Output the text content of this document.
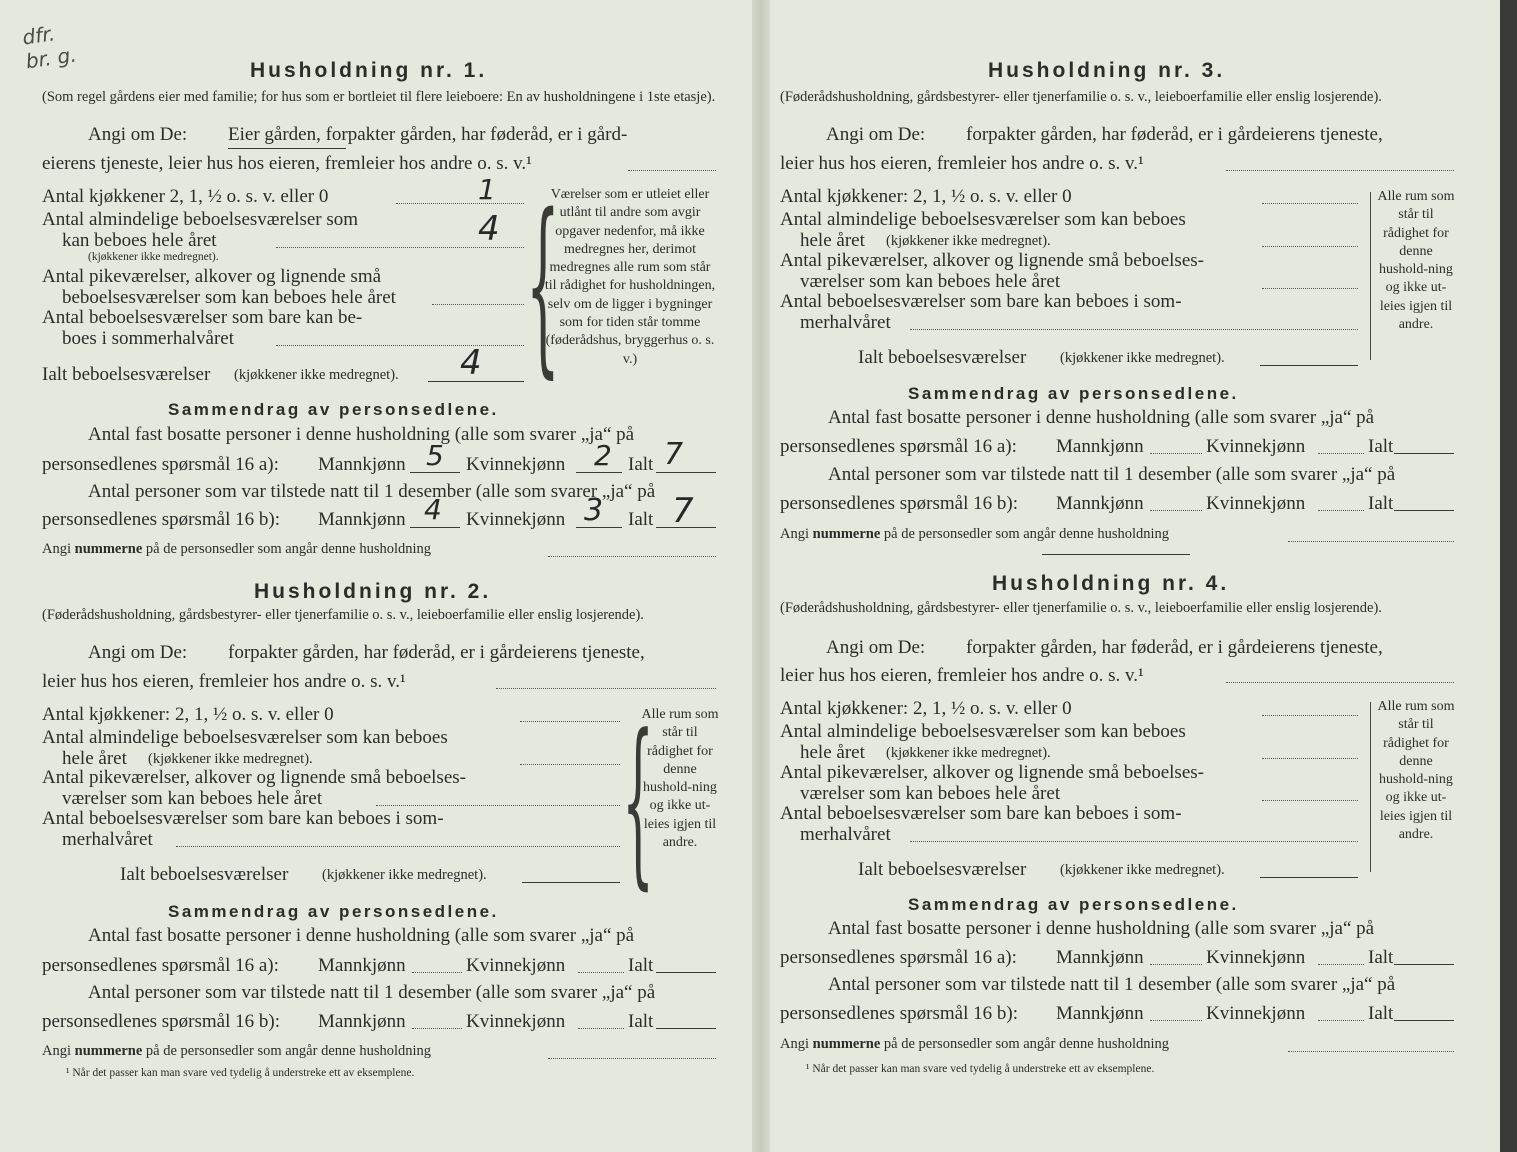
dfr.
br. g.	Husholdning nr. 1.
(Som regel gårdens eier med familie; for hus som er bortleiet til flere leieboere: En av husholdningene i 1ste etasje).
Angi om De: Eier gården, forpakter gården, har føderåd, er i gård-
eierens tjeneste, leier hus hos eieren, fremleier hos andre o. s. v.¹
Antal kjøkkener 2, 1, ½ o. s. v. eller 0	1
Antal almindelige beboelsesværelser som
kan beboes hele året	4
(kjøkkener ikke medregnet).
Antal pikeværelser, alkover og lignende små
beboelsesværelser som kan beboes hele året
Antal beboelsesværelser som bare kan be-
boes i sommerhalvåret
Ialt beboelsesværelser (kjøkkener ikke medregnet). 4 {
Værelser som er utleiet eller utlånt til andre som avgir opgaver nedenfor, må ikke medregnes her, derimot medregnes alle rum som står til rådighet for husholdningen, selv om de ligger i bygninger som for tiden står tomme (føderådshus, bryggerhus o. s. v.)
Sammendrag av personsedlene.
Antal fast bosatte personer i denne husholdning (alle som svarer „ja“ på
personsedlenes spørsmål 16 a): Mannkjønn 5 Kvinnekjønn 2 Ialt 7
Antal personer som var tilstede natt til 1 desember (alle som svarer „ja“ på
personsedlenes spørsmål 16 b): Mannkjønn 4 Kvinnekjønn 3 Ialt 7
Angi nummerne på de personsedler som angår denne husholdning
Husholdning nr. 2.
(Føderådshusholdning, gårdsbestyrer- eller tjenerfamilie o. s. v., leieboerfamilie eller enslig losjerende).
Angi om De: forpakter gården, har føderåd, er i gårdeierens tjeneste,
leier hus hos eieren, fremleier hos andre o. s. v.¹
Antal kjøkkener: 2, 1, ½ o. s. v. eller 0
Antal almindelige beboelsesværelser som kan beboes
hele året (kjøkkener ikke medregnet).
Antal pikeværelser, alkover og lignende små beboelses-
værelser som kan beboes hele året
Antal beboelsesværelser som bare kan beboes i som-
merhalvåret
Ialt beboelsesværelser (kjøkkener ikke medregnet). {
Alle rum som står til rådighet for denne hushold-ning og ikke ut-leies igjen til andre.
Sammendrag av personsedlene.
Antal fast bosatte personer i denne husholdning (alle som svarer „ja“ på
personsedlenes spørsmål 16 a): Mannkjønn	Kvinnekjønn	Ialt
Antal personer som var tilstede natt til 1 desember (alle som svarer „ja“ på
personsedlenes spørsmål 16 b): Mannkjønn	Kvinnekjønn	Ialt
Angi nummerne på de personsedler som angår denne husholdning
¹ Når det passer kan man svare ved tydelig å understreke ett av eksemplene.
Husholdning nr. 3.
(Føderådshusholdning, gårdsbestyrer- eller tjenerfamilie o. s. v., leieboerfamilie eller enslig losjerende).
Angi om De: forpakter gården, har føderåd, er i gårdeierens tjeneste,
leier hus hos eieren, fremleier hos andre o. s. v.¹
Antal kjøkkener: 2, 1, ½ o. s. v. eller 0
Antal almindelige beboelsesværelser som kan beboes
hele året (kjøkkener ikke medregnet).
Antal pikeværelser, alkover og lignende små beboelses-
værelser som kan beboes hele året
Antal beboelsesværelser som bare kan beboes i som-
merhalvåret
Ialt beboelsesværelser (kjøkkener ikke medregnet).
Alle rum som står til rådighet for denne hushold-ning og ikke ut-leies igjen til andre.
Sammendrag av personsedlene.
Antal fast bosatte personer i denne husholdning (alle som svarer „ja“ på
personsedlenes spørsmål 16 a): Mannkjønn	Kvinnekjønn	Ialt
Antal personer som var tilstede natt til 1 desember (alle som svarer „ja“ på
personsedlenes spørsmål 16 b): Mannkjønn	Kvinnekjønn	Ialt
Angi nummerne på de personsedler som angår denne husholdning
Husholdning nr. 4.
(Føderådshusholdning, gårdsbestyrer- eller tjenerfamilie o. s. v., leieboerfamilie eller enslig losjerende).
Angi om De: forpakter gården, har føderåd, er i gårdeierens tjeneste,
leier hus hos eieren, fremleier hos andre o. s. v.¹
Antal kjøkkener: 2, 1, ½ o. s. v. eller 0
Antal almindelige beboelsesværelser som kan beboes
hele året (kjøkkener ikke medregnet).
Antal pikeværelser, alkover og lignende små beboelses-
værelser som kan beboes hele året
Antal beboelsesværelser som bare kan beboes i som-
merhalvåret
Ialt beboelsesværelser (kjøkkener ikke medregnet).
Alle rum som står til rådighet for denne hushold-ning og ikke ut-leies igjen til andre.
Sammendrag av personsedlene.
Antal fast bosatte personer i denne husholdning (alle som svarer „ja“ på
personsedlenes spørsmål 16 a): Mannkjønn	Kvinnekjønn	Ialt
Antal personer som var tilstede natt til 1 desember (alle som svarer „ja“ på
personsedlenes spørsmål 16 b): Mannkjønn	Kvinnekjønn	Ialt
Angi nummerne på de personsedler som angår denne husholdning
¹ Når det passer kan man svare ved tydelig å understreke ett av eksemplene.
